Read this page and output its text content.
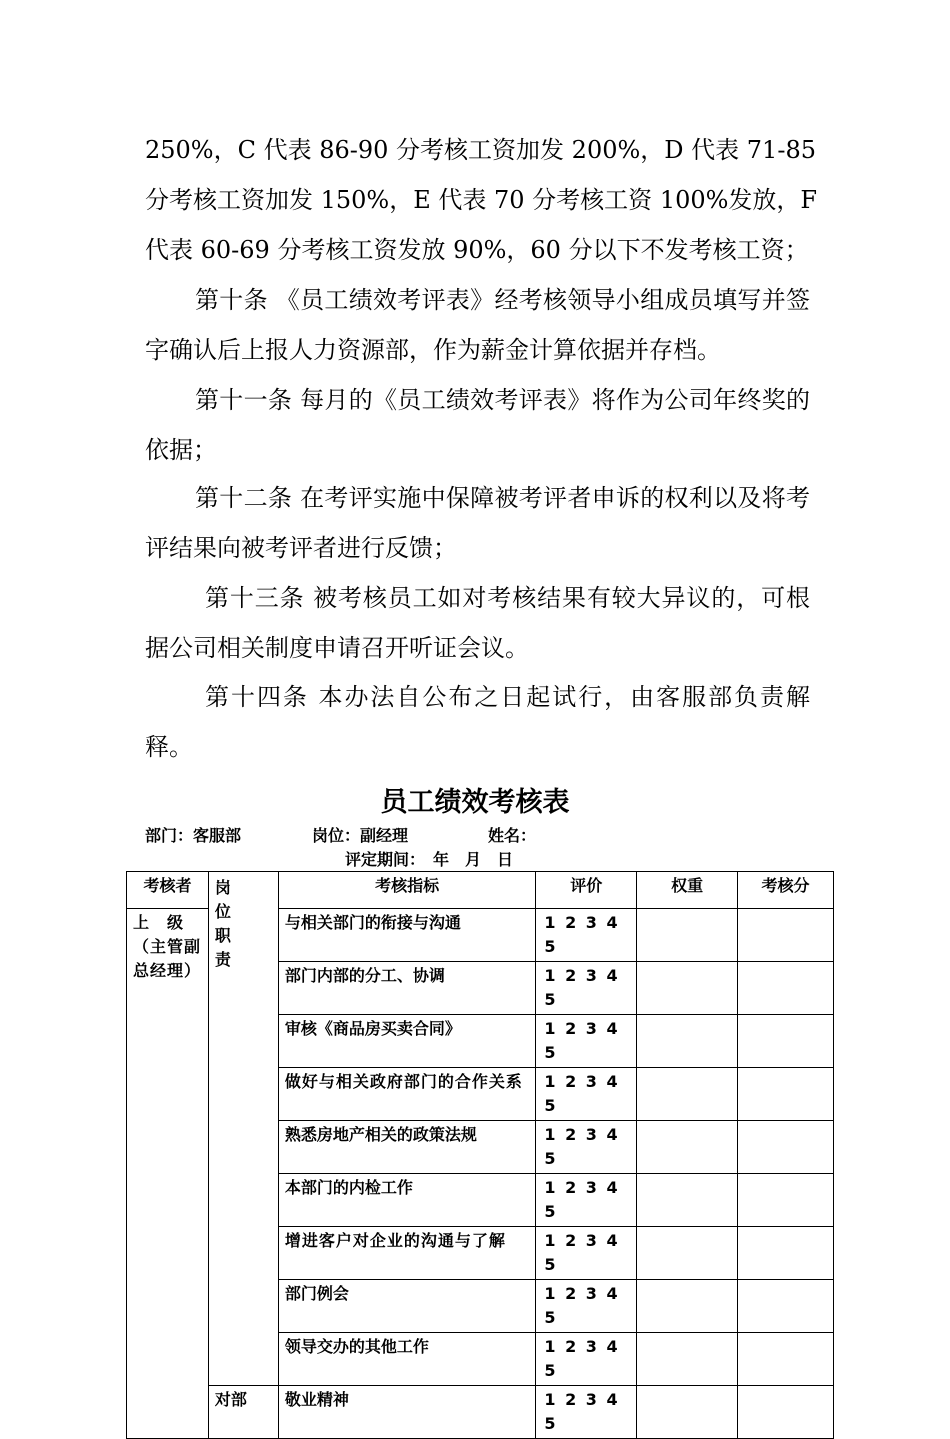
250%，C 代表 86-90 分考核工资加发 200%，D 代表 71-85

分考核工资加发 150%，E 代表 70 分考核工资 100%发放，F

代表 60-69 分考核工资发放 90%，60 分以下不发考核工资；

第十条 《员工绩效考评表》经考核领导小组成员填写并签字确认后上报人力资源部，作为薪金计算依据并存档。

第十一条 每月的《员工绩效考评表》将作为公司年终奖的依据；

第十二条 在考评实施中保障被考评者申诉的权利以及将考评结果向被考评者进行反馈；

第十三条 被考核员工如对考核结果有较大异议的，可根据公司相关制度申请召开听证会议。

第十四条 本办法自公布之日起试行，由客服部负责解释。

员工绩效考核表
部门：客服部	岗位：副经理	姓名：
评定期间：　年　月　日
考核者	岗位职责	考核指标	评价	权重	考核分

上　级（主管副总经理）		与相关部门的衔接与沟通	1 2 3 4 5		
		部门内部的分工、协调	1 2 3 4 5		
		审核《商品房买卖合同》	1 2 3 4 5		
		做好与相关政府部门的合作关系	1 2 3 4 5		
		熟悉房地产相关的政策法规	1 2 3 4 5		
		本部门的内检工作	1 2 3 4 5		
		增进客户对企业的沟通与了解	1 2 3 4 5		
		部门例会	1 2 3 4 5		
		领导交办的其他工作	1 2 3 4 5		
	对部	敬业精神	1 2 3 4 5		
